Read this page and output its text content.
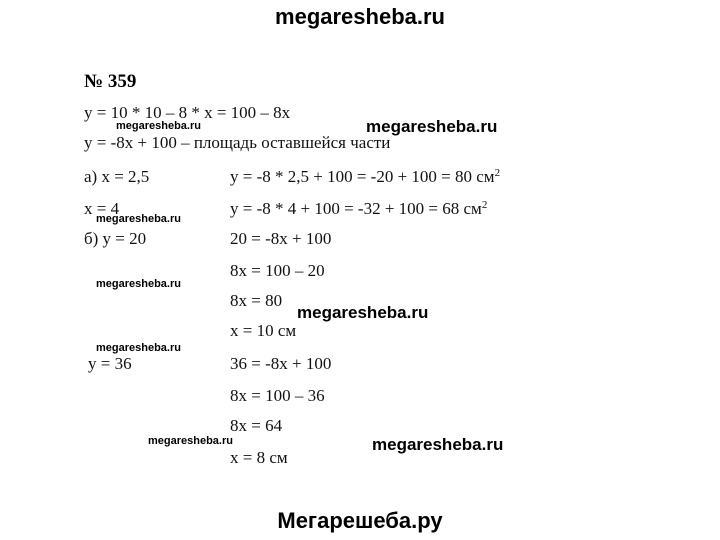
megaresheba.ru
№ 359
y = 10 * 10 – 8 * x = 100 – 8x
y = -8x + 100 – площадь оставшейся части
а) x = 2,5	y = -8 * 2,5 + 100 = -20 + 100 = 80 $см^2$
x = 4	y = -8 * 4 + 100 = -32 + 100 = 68 $см^2$
б) y = 20	20 = -8x + 100
8x = 100 – 20
8x = 80
x = 10 см
y = 36	36 = -8x + 100
8x = 100 – 36
8x = 64
x = 8 см
megaresheba.ru	megaresheba.ru
megaresheba.ru
megaresheba.ru
megaresheba.ru
megaresheba.ru
megaresheba.ru	megaresheba.ru
Мегарешеба.ру
